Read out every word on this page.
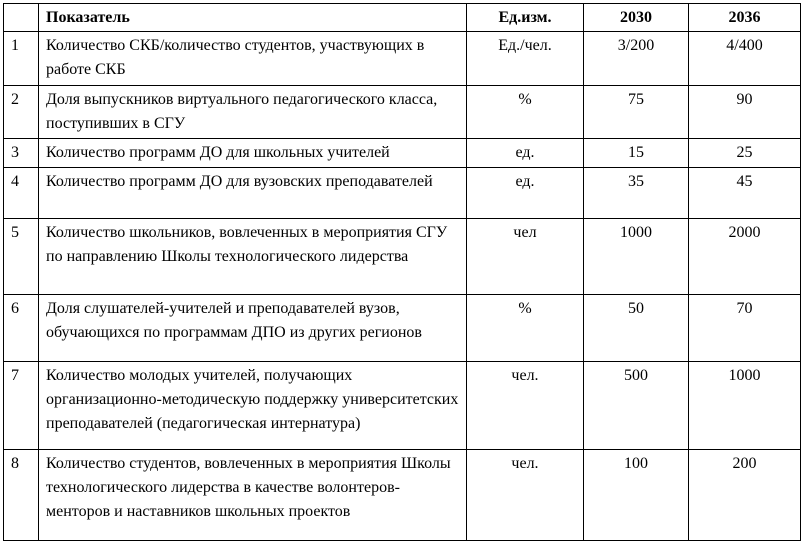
	Показатель	Ед.изм.	2030	2036
1	Количество СКБ/количество студентов, участвующих в работе СКБ	Ед./чел.	3/200	4/400
2	Доля выпускников виртуального педагогического класса, поступивших в СГУ	%	75	90
3	Количество программ ДО для школьных учителей	ед.	15	25
4	Количество программ ДО для вузовских преподавателей	ед.	35	45
5	Количество школьников, вовлеченных в мероприятия СГУ по направлению Школы технологического лидерства	чел	1000	2000
6	Доля слушателей-учителей и преподавателей вузов, обучающихся по программам ДПО из других регионов	%	50	70
7	Количество молодых учителей, получающих организационно-методическую поддержку университетских преподавателей (педагогическая интернатура)	чел.	500	1000
8	Количество студентов, вовлеченных в мероприятия Школы технологического лидерства в качестве волонтеров-менторов и наставников школьных проектов	чел.	100	200
